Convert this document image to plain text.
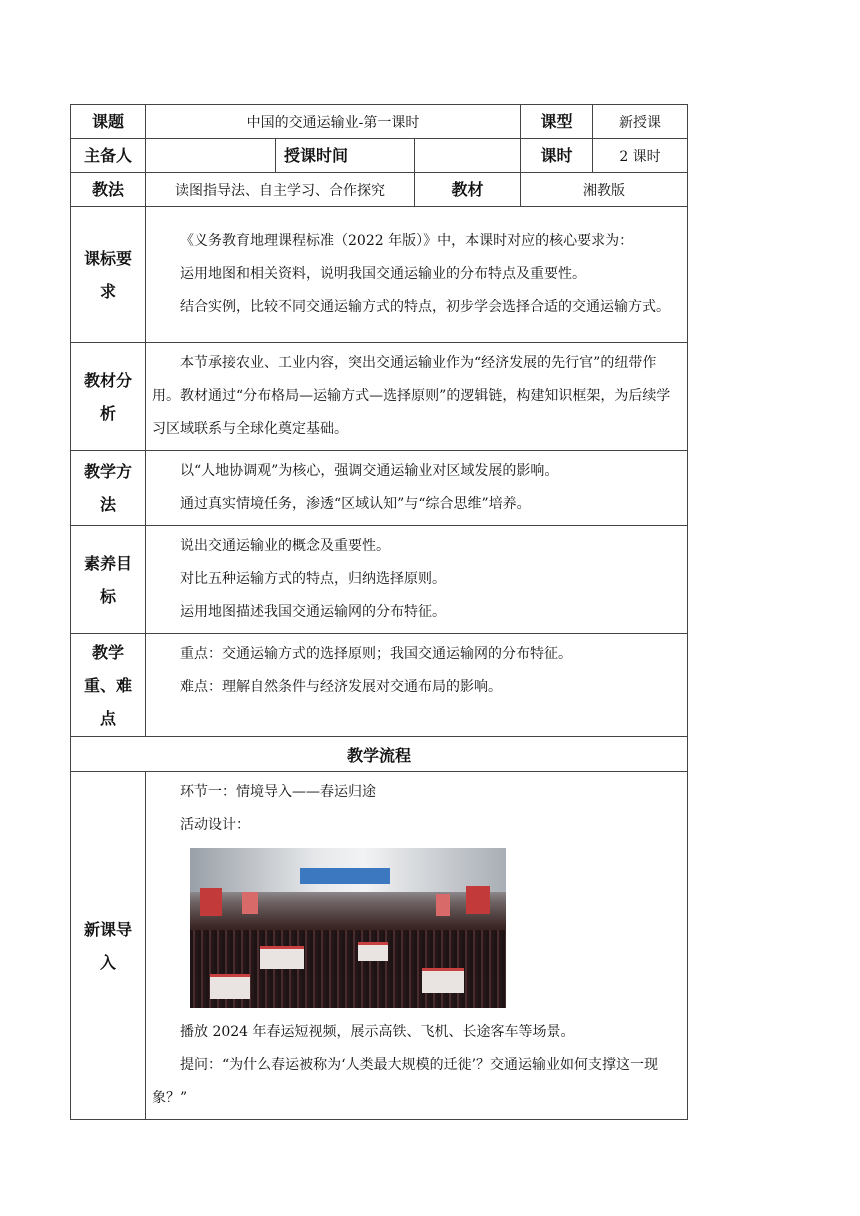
课题	中国的交通运输业-第一课时			课型	新授课
主备人		授课时间		课时	2 课时
教法	读图指导法、自主学习、合作探究		教材	湘教版	
课标要求	《义务教育地理课程标准（2022 年版）》中，本课时对应的核心要求为：

运用地图和相关资料，说明我国交通运输业的分布特点及重要性。

结合实例，比较不同交通运输方式的特点，初步学会选择合适的交通运输方式。				

教材分析	本节承接农业、工业内容，突出交通运输业作为“经济发展的先行官”的纽带作用。教材通过“分布格局—运输方式—选择原则”的逻辑链，构建知识框架，为后续学习区域联系与全球化奠定基础。				

教学方法	以“人地协调观”为核心，强调交通运输业对区域发展的影响。

通过真实情境任务，渗透“区域认知”与“综合思维”培养。				

素养目标	说出交通运输业的概念及重要性。

对比五种运输方式的特点，归纳选择原则。

运用地图描述我国交通运输网的分布特征。				

教学重、难点	重点：交通运输方式的选择原则；我国交通运输网的分布特征。

难点：理解自然条件与经济发展对交通布局的影响。				

教学流程					
新课导入	环节一：情境导入——春运归途

活动设计：

播放 2024 年春运短视频，展示高铁、飞机、长途客车等场景。

提问：“为什么春运被称为‘人类最大规模的迁徙’？交通运输业如何支撑这一现象？”				
